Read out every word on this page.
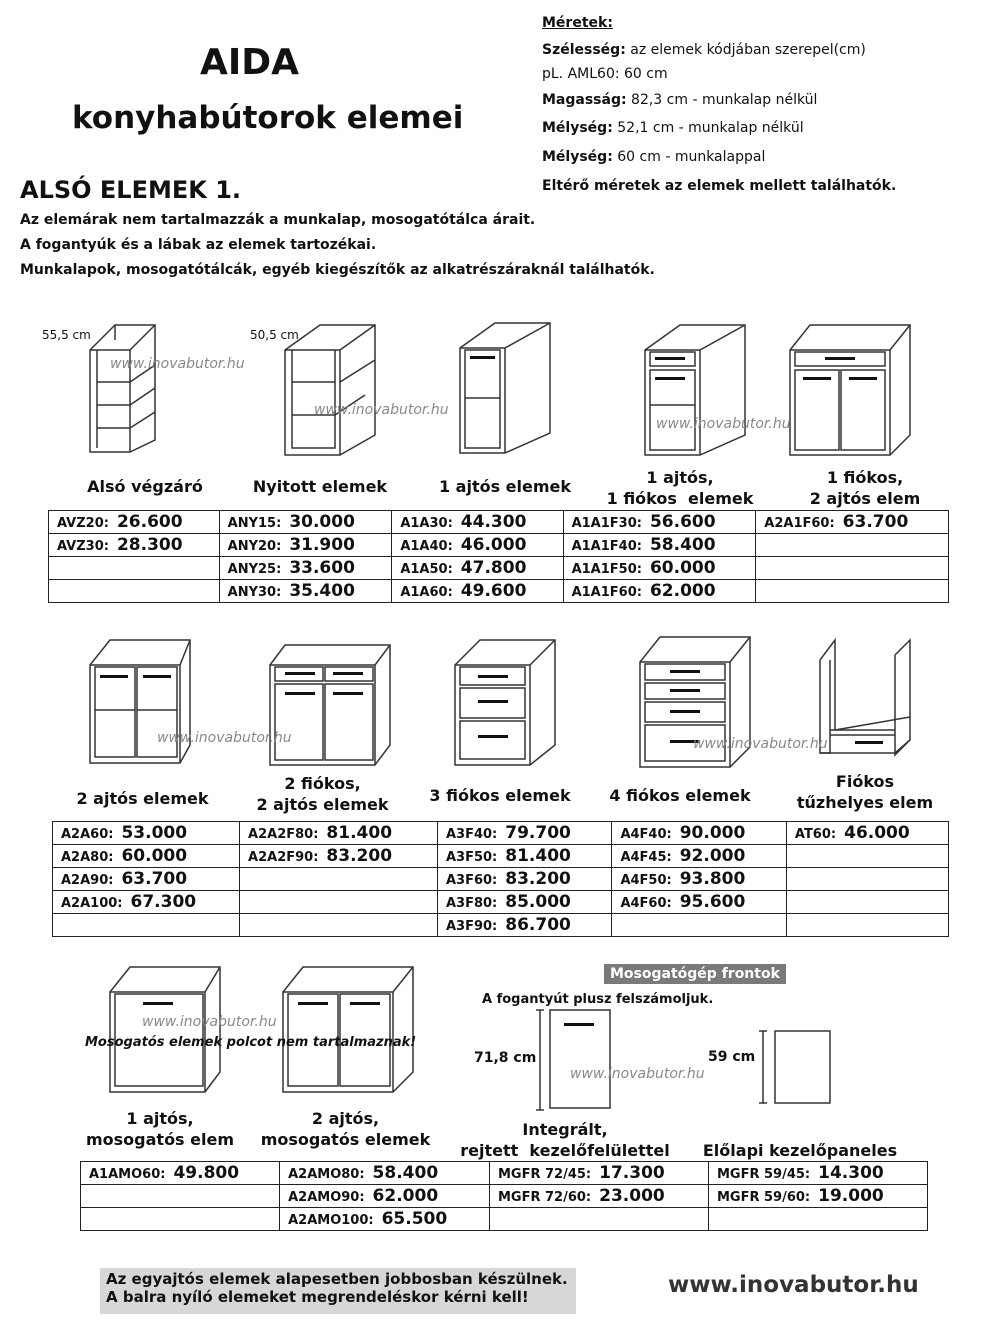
AIDA
konyhabútorok elemei
Méretek:
Szélesség: az elemek kódjában szerepel(cm)
pL. AML60: 60 cm
Magasság: 82,3 cm - munkalap nélkül
Mélység: 52,1 cm - munkalap nélkül
Mélység: 60 cm - munkalappal
Eltérő méretek az elemek mellett találhatók.
ALSÓ ELEMEK 1.
Az elemárak nem tartalmazzák a munkalap, mosogatótálca árait.
A fogantyúk és a lábak az elemek tartozékai.
Munkalapok, mosogatótálcák, egyéb kiegészítők az alkatrészáraknál találhatók.
55,5 cm	50,5 cm
www.inovabutor.hu
www.inovabutor.hu
www.inovabutor.hu
Alsó végzáró	Nyitott elemek	1 ajtós elemek	1 ajtós,
1 fiókos  elemek
1 fiókos,
2 ajtós elem
AVZ20: 26.600	ANY15: 30.000	A1A30: 44.300	A1A1F30: 56.600	A2A1F60: 63.700
AVZ30: 28.300	ANY20: 31.900	A1A40: 46.000	A1A1F40: 58.400	
	ANY25: 33.600	A1A50: 47.800	A1A1F50: 60.000	
	ANY30: 35.400	A1A60: 49.600	A1A1F60: 62.000	
www.inovabutor.hu	www.inovabutor.hu
2 ajtós elemek
2 fiókos,
2 ajtós elemek	3 fiókos elemek	4 fiókos elemek
Fiókos
tűzhelyes elem
A2A60: 53.000	A2A2F80: 81.400	A3F40: 79.700	A4F40: 90.000	AT60: 46.000
A2A80: 60.000	A2A2F90: 83.200	A3F50: 81.400	A4F45: 92.000	
A2A90: 63.700		A3F60: 83.200	A4F50: 93.800	
A2A100: 67.300		A3F80: 85.000	A4F60: 95.600	
		A3F90: 86.700		
www.inovabutor.hu
Mosogatós elemek polcot nem tartalmaznak!
Mosogatógép frontok
A fogantyút plusz felszámoljuk.
71,8 cm	59 cm
www.inovabutor.hu
1 ajtós,
mosogatós elem
2 ajtós,
mosogatós elemek
Integrált,
rejtett  kezelőfelülettel	Előlapi kezelőpaneles
A1AMO60: 49.800	A2AMO80: 58.400	MGFR 72/45: 17.300	MGFR 59/45: 14.300
	A2AMO90: 62.000	MGFR 72/60: 23.000	MGFR 59/60: 19.000
	A2AMO100: 65.500		
Az egyajtós elemek alapesetben jobbosban készülnek.
A balra nyíló elemeket megrendeléskor kérni kell!	www.inovabutor.hu
